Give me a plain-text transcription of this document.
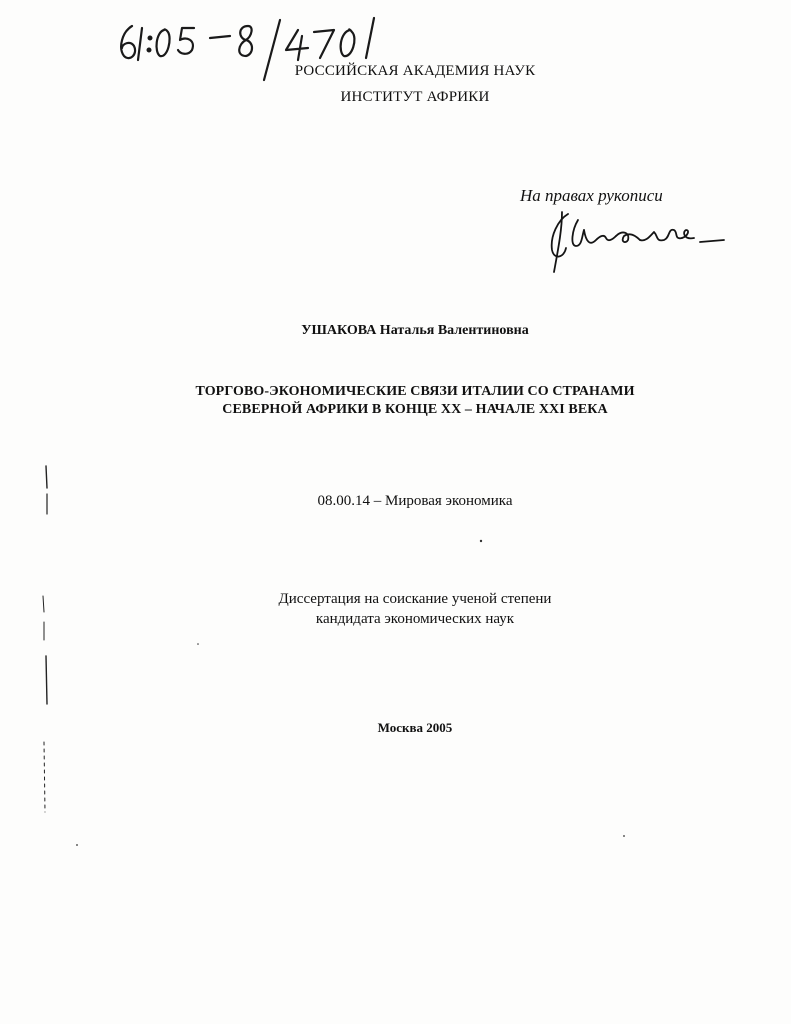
РОССИЙСКАЯ АКАДЕМИЯ НАУК
ИНСТИТУТ АФРИКИ
На правах рукописи
УШАКОВА Наталья Валентиновна
ТОРГОВО-ЭКОНОМИЧЕСКИЕ СВЯЗИ ИТАЛИИ СО СТРАНАМИ
СЕВЕРНОЙ АФРИКИ В КОНЦЕ XX – НАЧАЛЕ XXI ВЕКА
08.00.14 – Мировая экономика
Диссертация на соискание ученой степени
кандидата экономических наук
Москва 2005
